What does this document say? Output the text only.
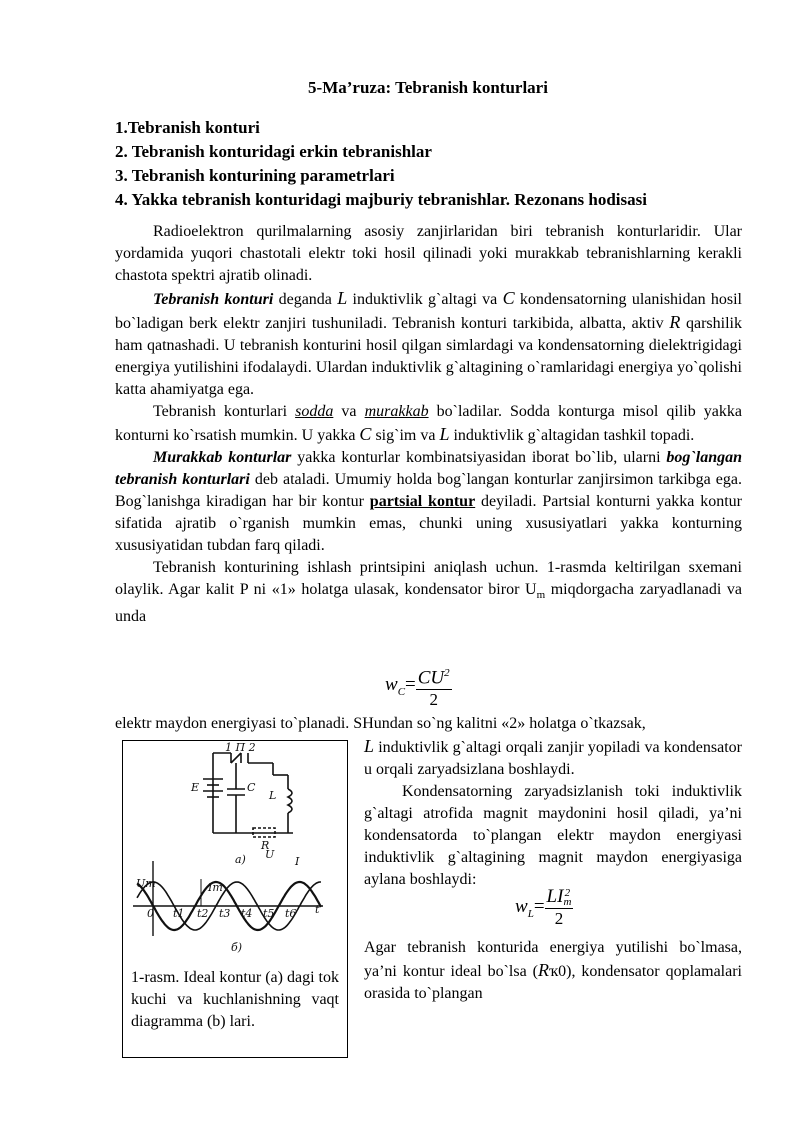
5-Ma’ruza: Tebranish konturlari
1.Tebranish konturi
2. Tebranish konturidagi erkin tebranishlar
3. Tebranish konturining parametrlari
4. Yakka tebranish konturidagi majburiy tebranishlar. Rezonans hodisasi

Radioelektron qurilmalarning asosiy zanjirlaridan biri tebranish konturlaridir. Ular yordamida yuqori chastotali elektr toki hosil qilinadi yoki murakkab tebranishlarning kerakli chastota spektri ajratib olinadi.

Tebranish konturi deganda L induktivlik g`altagi va C kondensatorning ulanishidan hosil bo`ladigan berk elektr zanjiri tushuniladi. Tebranish konturi tarkibida, albatta, aktiv R qarshilik ham qatnashadi. U tebranish konturini hosil qilgan simlardagi va kondensatorning dielektrigidagi energiya yutilishini ifodalaydi. Ulardan induktivlik g`altagining o`ramlaridagi energiya yo`qolishi katta ahamiyatga ega.

Tebranish konturlari sodda va murakkab bo`ladilar. Sodda konturga misol qilib yakka konturni ko`rsatish mumkin. U yakka C sig`im va L induktivlik g`altagidan tashkil topadi.

Murakkab konturlar yakka konturlar kombinatsiyasidan iborat bo`lib, ularni bog`langan tebranish konturlari deb ataladi. Umumiy holda bog`langan konturlar zanjirsimon tarkibga ega. Bog`lanishga kiradigan har bir kontur partsial kontur deyiladi. Partsial konturni yakka kontur sifatida ajratib o`rganish mumkin emas, chunki uning xususiyatlari yakka konturning xususiyatidan tubdan farq qiladi.

Tebranish konturining ishlash printsipini aniqlash uchun. 1-rasmda keltirilgan sxemani olaylik. Agar kalit P ni «1» holatga ulasak, kondensator biror $U_m$ miqdorgacha zaryadlanadi va unda

$w_C= \frac{CU^2}{2}$

elektr maydon energiyasi to`planadi. SHundan so`ng kalitni «2» holatga o`tkazsak,

L induktivlik g`altagi orqali zanjir yopiladi va kondensator u orqali zaryadsizlana boshlaydi.

Kondensatorning zaryadsizlanish toki induktivlik g`altagi atrofida magnit maydonini hosil qiladi, ya’ni kondensatorda to`plangan elektr maydon energiyasi induktivlik g`altagining magnit maydon energiyasiga aylana boshlaydi:

$w_L=$ LI 2
m
2

Agar tebranish konturida energiya yutilishi bo`lmasa, ya’ni kontur ideal bo`lsa (Rҡ0), kondensator qoplamalari orasida to`plangan

1 П 2
E	C
L
R
a) U
I
Um	Im
0	t
t1 t2 t3 t4 t5 t6
б)
1-rasm. Ideal kontur (a) dagi tok kuchi va kuchlanishning vaqt diagramma (b) lari.
